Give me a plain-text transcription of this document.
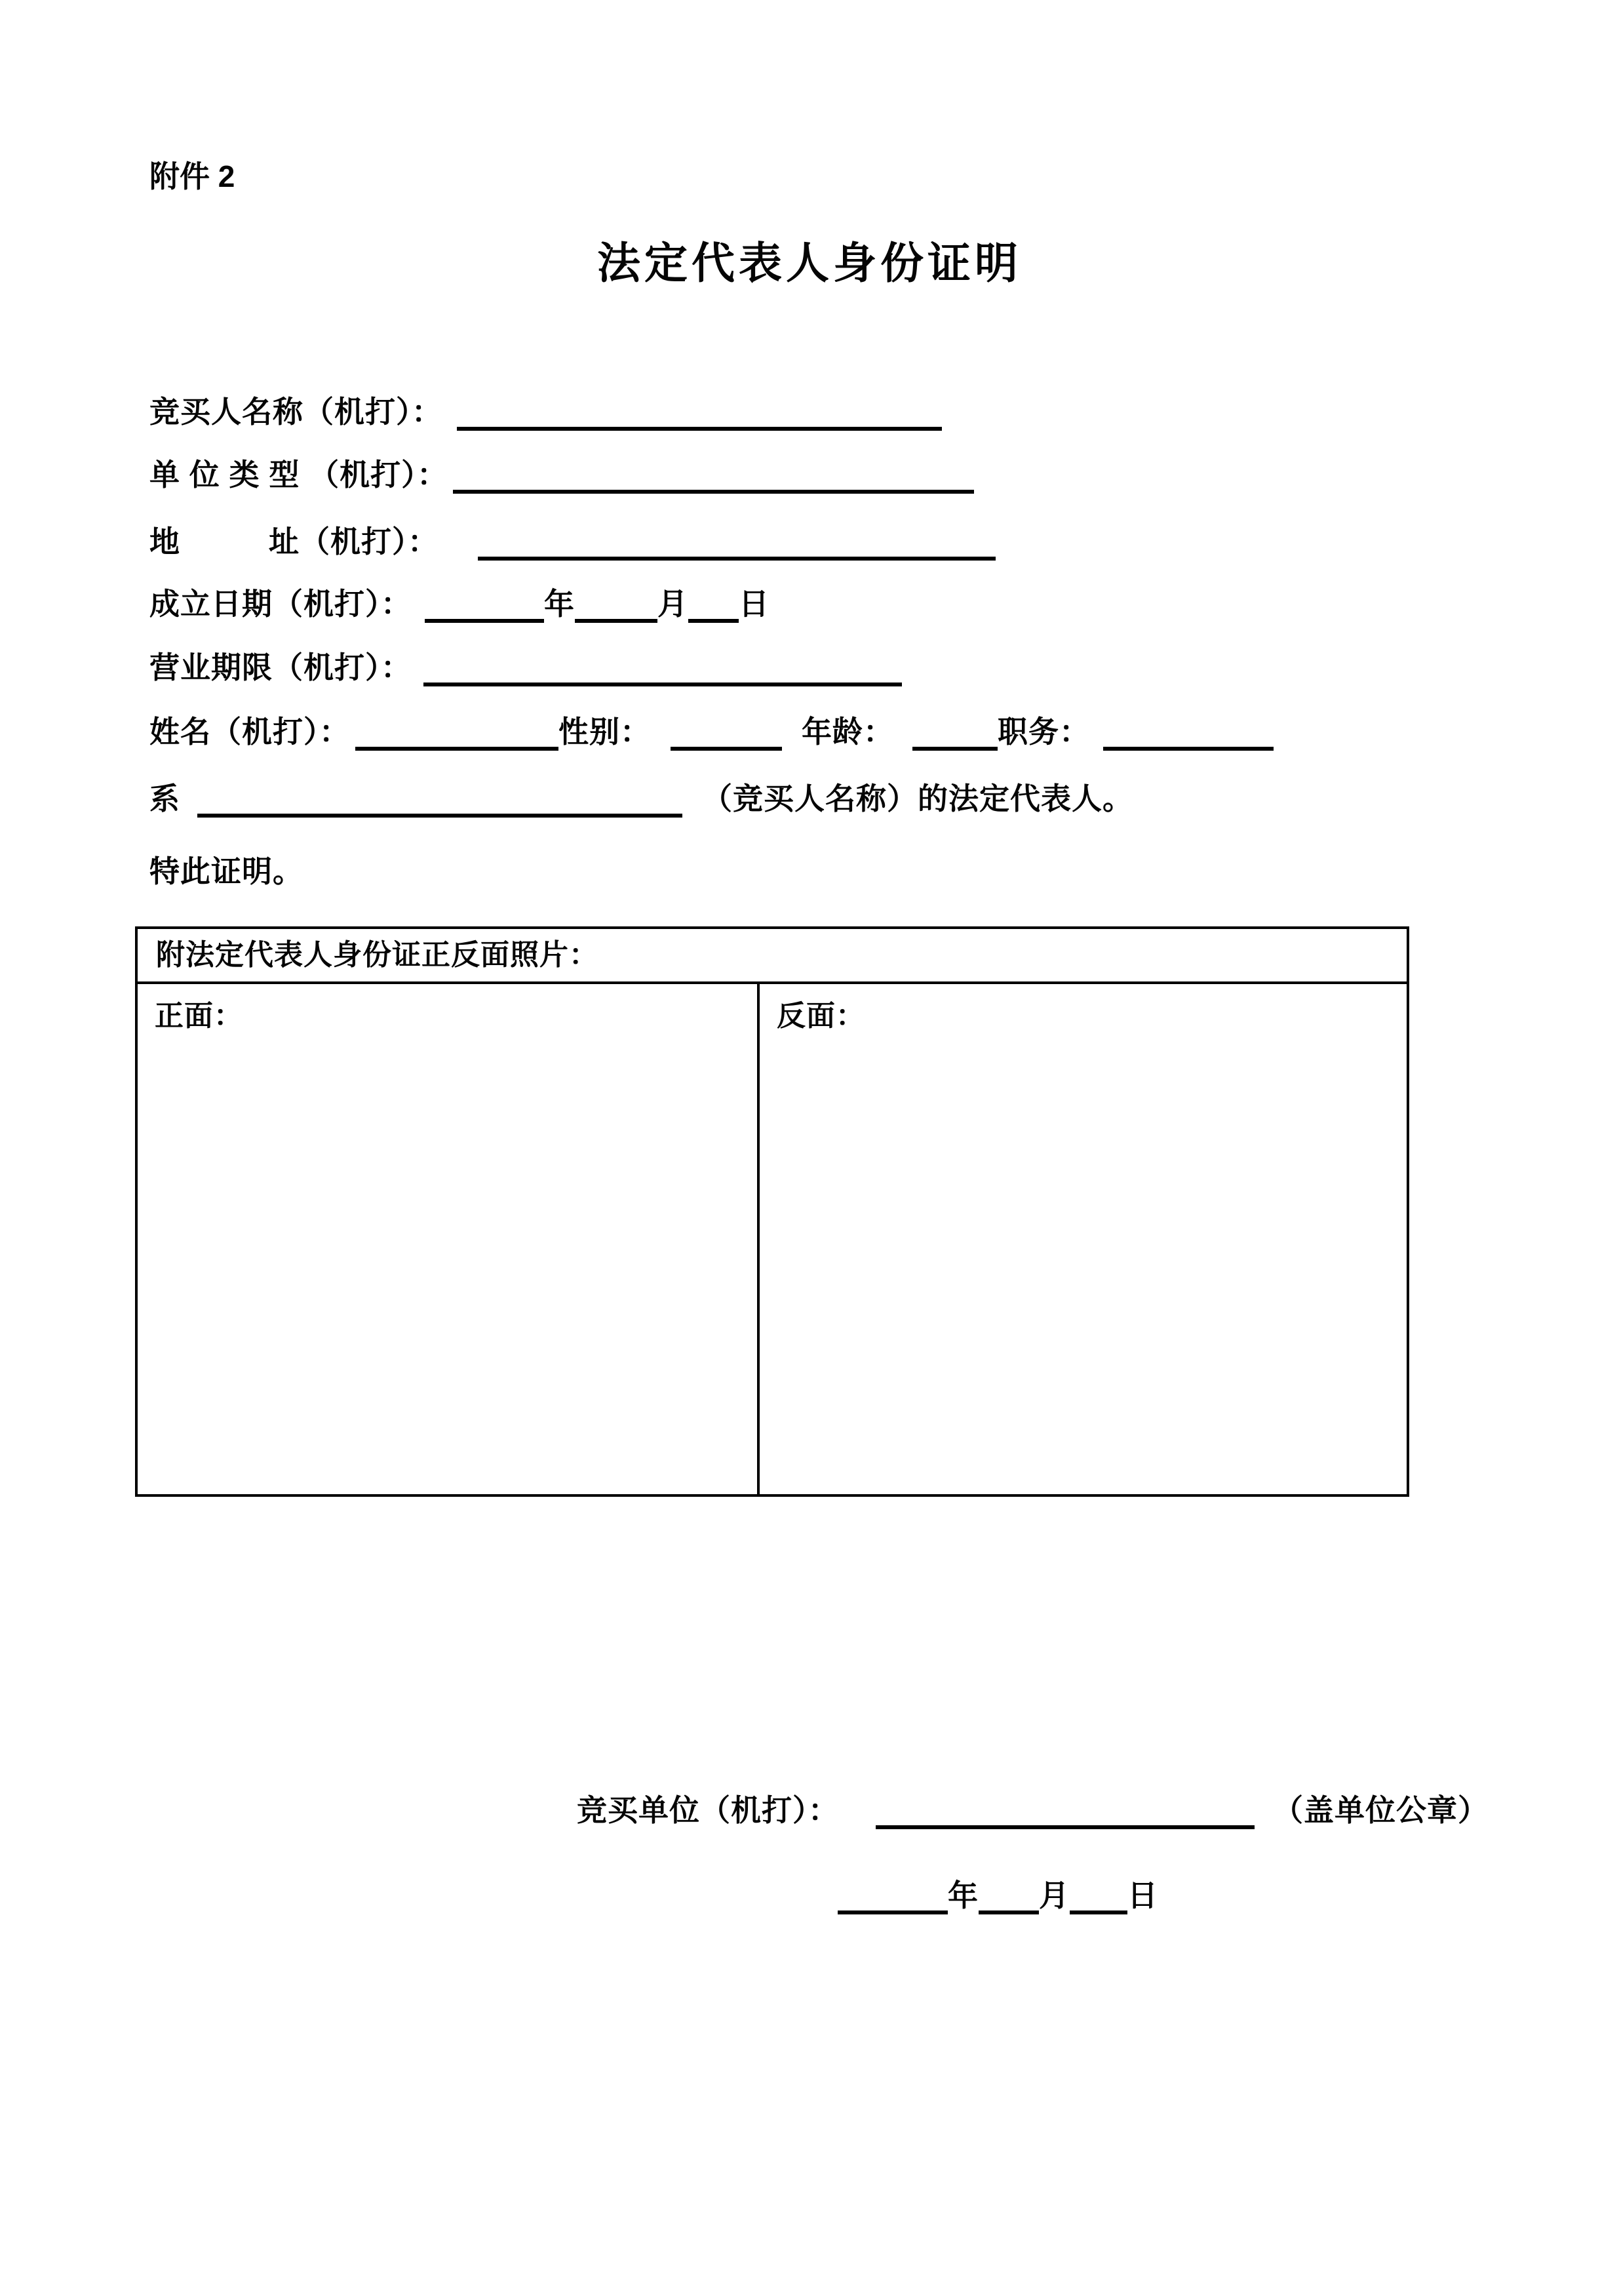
附件 2
法定代表人身份证明
竞买人名称（机打）：
单 位 类 型 （机打）：
地	址（机打）：
成立日期（机打）：	年	月 日
营业期限（机打）：
姓名（机打）：	性别：	年龄：	职务：
系	（竞买人名称）的法定代表人。
特此证明。
附法定代表人身份证正反面照片：
正面：	反面：
竞买单位（机打）：	（盖单位公章）
年 月 日
